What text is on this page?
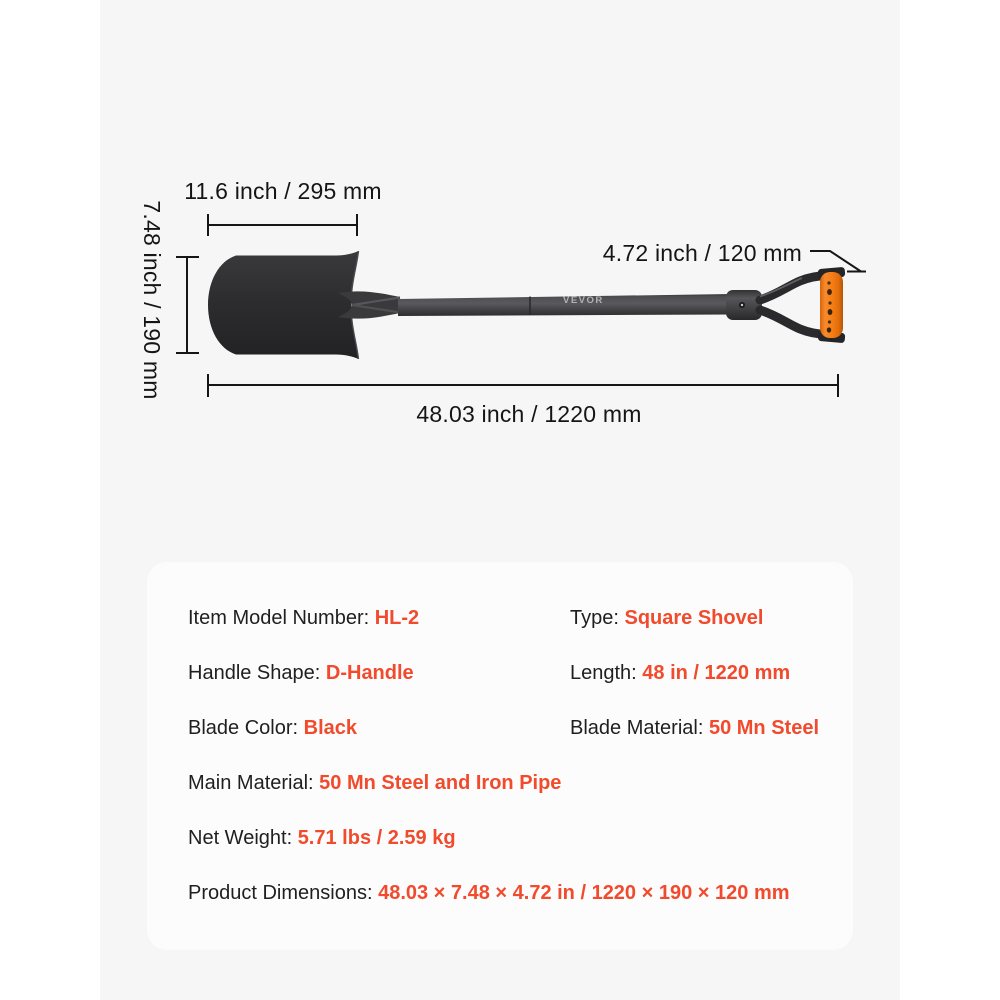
11.6 inch / 295 mm
7.48 inch / 190 mm	4.72 inch / 120 mm
48.03 inch / 1220 mm
VEVOR
Item Model Number: HL-2	Type: Square Shovel
Handle Shape: D-Handle	Length: 48 in / 1220 mm
Blade Color: Black	Blade Material: 50 Mn Steel
Main Material: 50 Mn Steel and Iron Pipe
Net Weight: 5.71 lbs / 2.59 kg
Product Dimensions: 48.03 × 7.48 × 4.72 in / 1220 × 190 × 120 mm
